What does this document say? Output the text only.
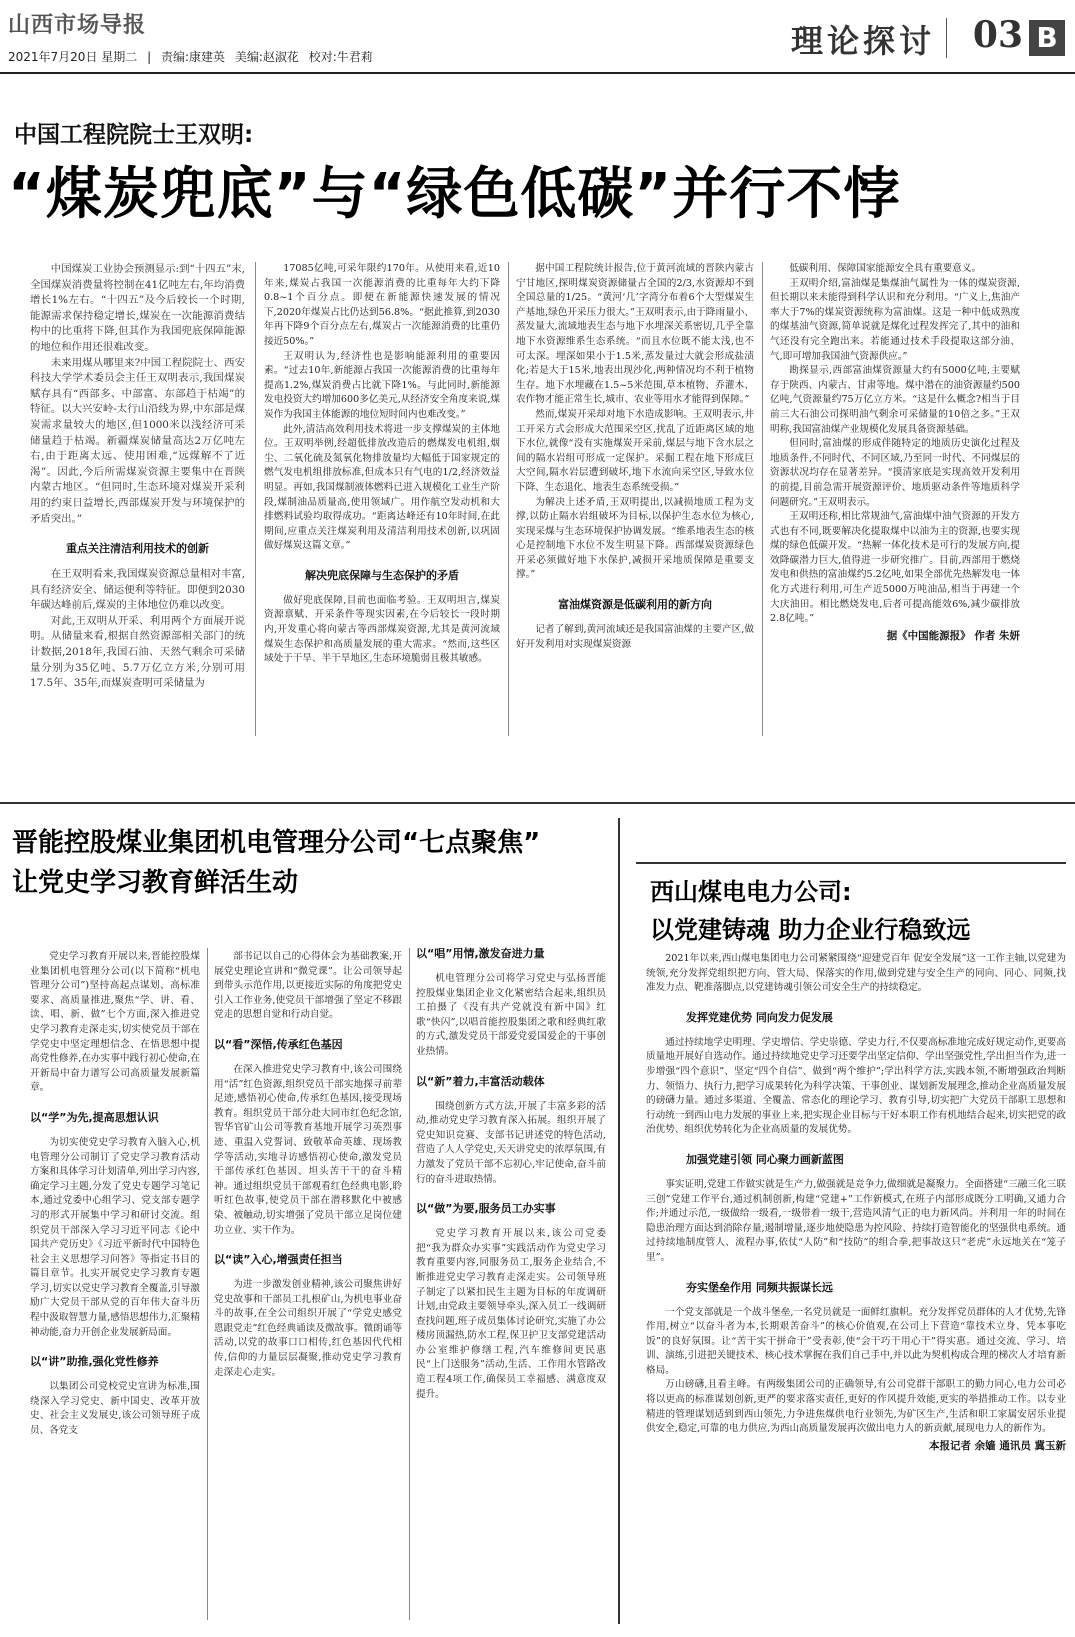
山西市场导报
2021年7月20日 星期二 | 责编:康建英 美编:赵淑花 校对:牛君莉	理论探讨 03 B
中国工程院院士王双明:
“煤炭兜底”与“绿色低碳”并行不悖

中国煤炭工业协会预测显示:到“十四五”末,全国煤炭消费量将控制在41亿吨左右,年均消费增长1%左右。“十四五”及今后较长一个时期,能源需求保持稳定增长,煤炭在一次能源消费结构中的比重将下降,但其作为我国兜底保障能源的地位和作用还很难改变。

未来用煤从哪里来?中国工程院院士、西安科技大学学术委员会主任王双明表示,我国煤炭赋存具有“西部多、中部富、东部趋于枯竭”的特征。以大兴安岭-太行山沿线为界,中东部是煤炭需求量较大的地区,但1000米以浅经济可采储量趋于枯竭。新疆煤炭储量高达2万亿吨左右,由于距离太远、使用困难,“远煤解不了近渴”。因此,今后所需煤炭资源主要集中在晋陕内蒙古地区。“但同时,生态环境对煤炭开采利用的约束日益增长,西部煤炭开发与环境保护的矛盾突出。”

重点关注清洁利用技术的创新

在王双明看来,我国煤炭资源总量相对丰富,具有经济安全、储运便利等特征。即便到2030年碳达峰前后,煤炭的主体地位仍难以改变。

对此,王双明从开采、利用两个方面展开说明。从储量来看,根据自然资源部相关部门的统计数据,2018年,我国石油、天然气剩余可采储量分别为35亿吨、5.7万亿立方米,分别可用17.5年、35年,而煤炭查明可采储量为

17085亿吨,可采年限约170年。从使用来看,近10年来,煤炭占我国一次能源消费的比重每年大约下降0.8~1个百分点。即便在新能源快速发展的情况下,2020年煤炭占比仍达到56.8%。“据此推算,到2030年再下降9个百分点左右,煤炭占一次能源消费的比重仍接近50%。”

王双明认为,经济性也是影响能源利用的重要因素。“过去10年,新能源占我国一次能源消费的比重每年提高1.2%,煤炭消费占比就下降1%。与此同时,新能源发电投资大约增加600多亿美元,从经济安全角度来说,煤炭作为我国主体能源的地位短时间内也难改变。”

此外,清洁高效利用技术将进一步支撑煤炭的主体地位。王双明举例,经超低排放改造后的燃煤发电机组,烟尘、二氧化硫及氮氧化物排放量均大幅低于国家规定的燃气发电机组排放标准,但成本只有气电的1/2,经济效益明显。再如,我国煤制液体燃料已进入规模化工业生产阶段,煤制油品质量高,使用领域广。用作航空发动机和大排燃料试验均取得成功。“距离达峰还有10年时间,在此期间,应重点关注煤炭利用及清洁利用技术创新,以巩固做好煤炭这篇文章。”

解决兜底保障与生态保护的矛盾

做好兜底保障,目前也面临考验。王双明坦言,煤炭资源禀赋、开采条件等现实因素,在今后较长一段时期内,开发重心将向蒙古等西部煤炭资源,尤其是黄河流域煤炭生态保护和高质量发展的重大需求。“然而,这些区域处于干旱、半干旱地区,生态环境脆弱且极其敏感。

据中国工程院统计报告,位于黄河流域的晋陕内蒙古宁甘地区,探明煤炭资源储量占全国的2/3,水资源却不到全国总量的1/25。“黄河‘几’字湾分布着6个大型煤炭生产基地,绿色开采压力很大。”王双明表示,由于降雨量小、蒸发量大,流域地表生态与地下水埋深关系密切,几乎全靠地下水资源维系生态系统。“而且水位既不能太浅,也不可太深。埋深如果小于1.5米,蒸发量过大就会形成盐渍化;若是大于15米,地表出现沙化,两种情况均不利于植物生存。地下水埋藏在1.5~5米范围,草本植物、乔灌木、农作物才能正常生长,城市、农业等用水才能得到保障。”

然而,煤炭开采却对地下水造成影响。王双明表示,井工开采方式会形成大范围采空区,扰乱了近距离区域的地下水位,就像“没有实施煤炭开采前,煤层与地下含水层之间的隔水岩组可形成一定保护。采掘工程在地下形成巨大空间,隔水岩层遭到破坏,地下水流向采空区,导致水位下降、生态退化、地表生态系统受损。”

为解决上述矛盾,王双明提出,以减损地质工程为支撑,以防止隔水岩组破坏为目标,以保护生态水位为核心,实现采煤与生态环境保护协调发展。“维系地表生态的核心是控制地下水位不发生明显下降。西部煤炭资源绿色开采必须做好地下水保护,减损开采地质保障是重要支撑。”

富油煤资源是低碳利用的新方向

记者了解到,黄河流域还是我国富油煤的主要产区,做好开发利用对实现煤炭资源

低碳利用、保障国家能源安全具有重要意义。

王双明介绍,富油煤是集煤油气属性为一体的煤炭资源,但长期以来未能得到科学认识和充分利用。“广义上,焦油产率大于7%的煤炭资源统称为富油煤。这是一种中低成熟度的煤基油气资源,简单说就是煤化过程发挥完了,其中的油和气还没有完全跑出来。若能通过技术手段提取这部分油、气,即可增加我国油气资源供应。”

勘探显示,西部富油煤资源量大约有5000亿吨,主要赋存于陕西、内蒙古、甘肃等地。煤中潜在的油资源量约500亿吨,气资源量约75万亿立方米。“这是什么概念?相当于目前三大石油公司探明油气剩余可采储量的10倍之多。”王双明称,我国富油煤产业规模化发展具备资源基础。

但同时,富油煤的形成伴随特定的地质历史演化过程及地质条件,不同时代、不同区域,乃至同一时代、不同煤层的资源状况均存在显著差异。“摸清家底是实现高效开发利用的前提,目前急需开展资源评价、地质驱动条件等地质科学问题研究。”王双明表示。

王双明还称,相比常规油气,富油煤中油气资源的开发方式也有不同,既要解决化提取煤中以油为主的资源,也要实现煤的绿色低碳开发。“热解一体化技术是可行的发展方向,提效降碳潜力巨大,值得进一步研究推广。目前,西部用于燃烧发电和供热的富油煤约5.2亿吨,如果全部优先热解发电一体化方式进行利用,可生产近5000万吨油品,相当于再建一个大庆油田。相比燃烧发电,后者可提高能效6%,减少碳排放2.8亿吨。”

据《中国能源报》 作者 朱妍

晋能控股煤业集团机电管理分公司“七点聚焦”
让党史学习教育鲜活生动

党史学习教育开展以来,晋能控股煤业集团机电管理分公司(以下简称“机电管理分公司”)坚持高起点谋划、高标准要求、高质量推进,聚焦“学、讲、看、读、唱、新、做”七个方面,深入推进党史学习教育走深走实,切实使党员干部在学党史中坚定理想信念、在悟思想中提高党性修养,在办实事中践行初心使命,在开新局中奋力谱写公司高质量发展新篇章。

以“学”为先,提高思想认识

为切实使党史学习教育入脑入心,机电管理分公司制订了党史学习教育活动方案和具体学习计划清单,列出学习内容,确定学习主题,分发了党史专题学习笔记本,通过党委中心组学习、党支部专题学习的形式开展集中学习和研讨交流。组织党员干部深入学习习近平同志《论中国共产党历史》《习近平新时代中国特色社会主义思想学习问答》等指定书目的篇目章节。扎实开展党史学习教育专题学习,切实以党史学习教育全覆盖,引导激励广大党员干部从党的百年伟大奋斗历程中汲取智慧力量,感悟思想伟力,汇聚精神动能,奋力开创企业发展新局面。

以“讲”助推,强化党性修养

以集团公司党校党史宣讲为标准,围绕深入学习党史、新中国史、改革开放史、社会主义发展史,该公司领导班子成员、各党支

部书记以自己的心得体会为基础教案,开展党史理论宣讲和“微党课”。让公司领导起到带头示范作用,以更接近实际的角度把党史引入工作业务,使党员干部增强了坚定不移跟党走的思想自觉和行动自觉。

以“看”深悟,传承红色基因

在深入推进党史学习教育中,该公司围绕用“活”红色资源,组织党员干部实地探寻前辈足迹,感悟初心使命,传承红色基因,接受现场教育。组织党员干部分赴大同市红色纪念馆,智华官矿山公司等教育基地开展学习英烈事迹、重温入党誓词、致敬革命英雄、现场教学等活动,实地寻访感悟初心使命,激发党员干部传承红色基因、坦头苦干干的奋斗精神。通过组织党员干部观看红色经典电影,聆听红色故事,使党员干部在潜移默化中被感染、被触动,切实增强了党员干部立足岗位建功立业、实干作为。

以“读”入心,增强责任担当

为进一步激发创业精神,该公司聚焦讲好党史故事和干部员工扎根矿山,为机电事业奋斗的故事,在全公司组织开展了“学党史感党恩跟党走”红色经典诵读及微故事。微朗诵等活动,以党的故事口口相传,红色基因代代相传,信仰的力量层层凝聚,推动党史学习教育走深走心走实。

以“唱”用情,激发奋进力量

机电管理分公司将学习党史与弘扬晋能控股煤业集团企业文化紧密结合起来,组织员工拍摄了《没有共产党就没有新中国》红歌“快闪”,以唱首能控股集团之歌和经典红歌的方式,激发党员干部爱党爱国爱企的干事创业热情。

以“新”着力,丰富活动载体

围绕创新方式方法,开展了丰富多彩的活动,推动党史学习教育深入拓展。组织开展了党史知识竞赛、支部书记讲述党的特色活动,营造了人人学党史,天天讲党史的浓厚氛围,有力激发了党员干部不忘初心,牢记使命,奋斗前行的奋斗进取热情。

以“做”为要,服务员工办实事

党史学习教育开展以来,该公司党委把“我为群众办实事”实践活动作为党史学习教育重要内容,同服务员工,服务企业结合,不断推进党史学习教育走深走实。公司领导班子制定了以紧扣民生主题为目标的年度调研计划,由党政主要领导牵头,深入员工一线调研查找问题,班子成员集体讨论研究,实施了办公楼房顶漏热,防水工程,保卫护卫支部党建活动办公室维护修缮工程,汽车维修间更民惠民“上门送服务”活动,生活、工作用水管路改造工程4项工作,确保员工幸福感、满意度双提升。

西山煤电电力公司:
以党建铸魂 助力企业行稳致远

2021年以来,西山煤电集团电力公司紧紧围绕“迎建党百年 促安全发展”这一工作主轴,以党建为统领,充分发挥党组织把方向、管大局、保落实的作用,做到党建与安全生产的同向、同心、同频,找准发力点、靶准落脚点,以党建铸魂引领公司安全生产的持续稳定。

发挥党建优势 同向发力促发展

通过持续地学史明理、学史增信、学史崇德、学史力行,不仅要高标准地完成好规定动作,更要高质量地开展好自选动作。通过持续地党史学习还要学出坚定信仰、学出坚强党性,学出担当作为,进一步增强“四个意识”、坚定“四个自信”、做到“两个维护”;学出科学方法,实践本领,不断增强政治判断力、领悟力、执行力,把学习成果转化为科学决策、干事创业、谋划新发展理念,推动企业高质量发展的磅礴力量。通过多渠道、全覆盖、常态化的理论学习、教育引导,切实把广大党员干部职工思想和行动统一到西山电力发展的事业上来,把实现企业目标与干好本职工作有机地结合起来,切实把党的政治优势、组织优势转化为企业高质量的发展优势。

加强党建引领 同心聚力画新蓝图

事实证明,党建工作做实就是生产力,做强就是竞争力,做细就是凝聚力。全面搭建“三融三化三联三创”党建工作平台,通过机制创新,构建“党建+”工作新模式,在班子内部形成既分工明确,又通力合作;并通过示范,一级做给一级看,一级带着一级干,营造风清气正的电力新风尚。并利用一年的时间在隐患治理方面达到消除存量,遏制增量,逐步地使隐患为控风险、持续打造智能化的坚强供电系统。通过持续地制度管人、流程办事,依仗“人防”和“技防”的组合拳,把事故这只“老虎”永远地关在“笼子里”。

夯实堡垒作用 同频共振谋长远

一个党支部就是一个战斗堡垒,一名党员就是一面鲜红旗帜。充分发挥党员群体的人才优势,先锋作用,树立“以奋斗者为本,长期艰苦奋斗”的核心价值观,在公司上下营造“靠技术立身、凭本事吃饭”的良好氛围。让“苦干实干拼命干”受表彰,使“会干巧干用心干”得实惠。通过交流、学习、培训、演练,引进把关键技术、核心技术掌握在我们自己手中,并以此为契机构成合理的梯次人才培育新格局。

万山磅礴,且看主峰。有两级集团公司的正确领导,有公司党群干部职工的勤力同心,电力公司必将以更高的标准谋划创新,更严的要求落实责任,更好的作风提升效能,更实的举措推动工作。以专业精进的管理谋划适到到西山领先,力争进焦煤供电行业领先,为矿区生产,生活和职工家属安居乐业提供安全,稳定,可靠的电力供应,为西山高质量发展再次做出电力人的新贡献,展现电力人的新作为。

本报记者 余嫱 通讯员 冀玉新
